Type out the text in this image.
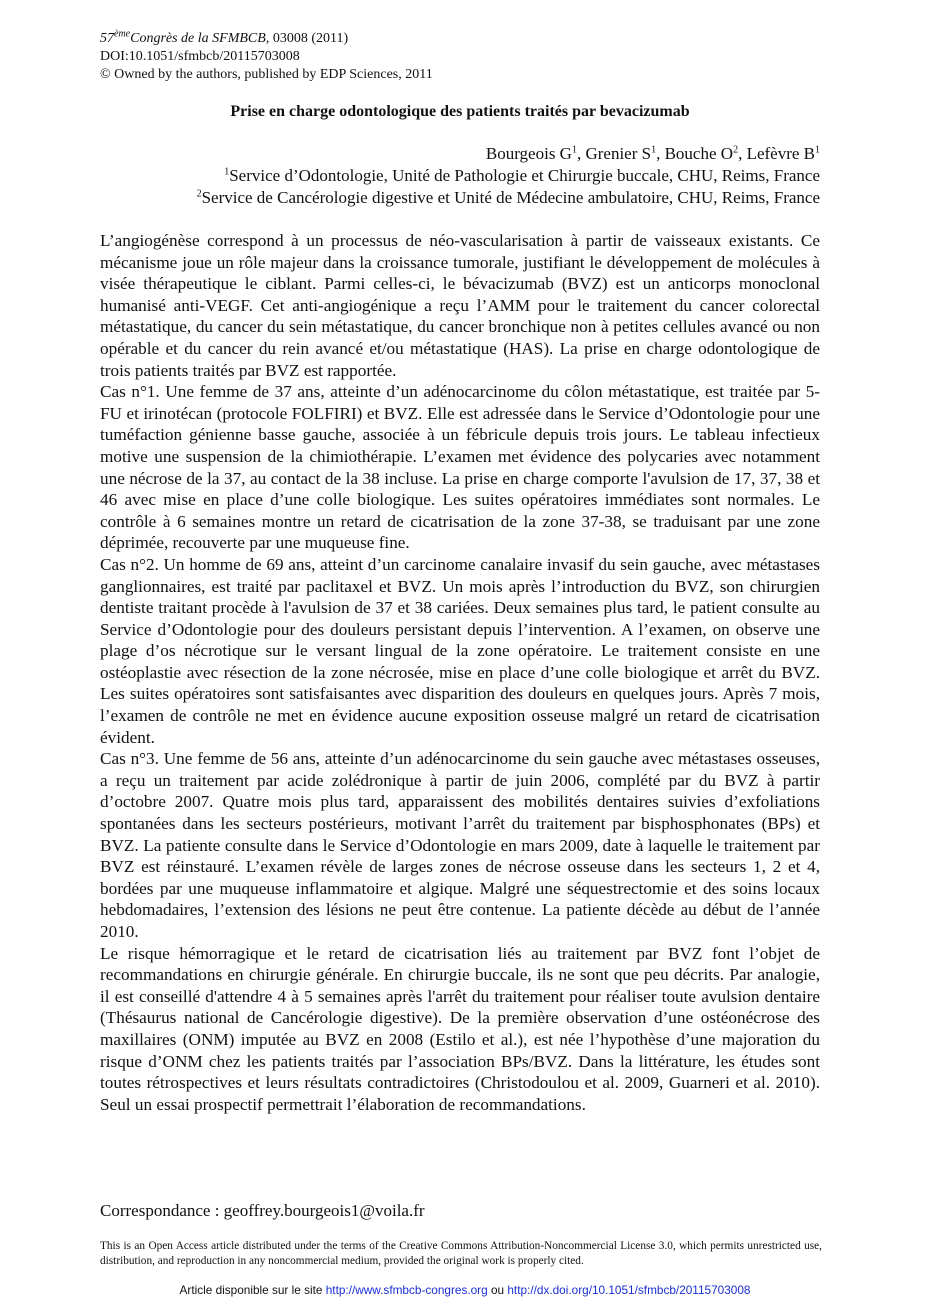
57èmeCongrès de la SFMBCB, 03008 (2011)
DOI:10.1051/sfmbcb/20115703008
© Owned by the authors, published by EDP Sciences, 2011
Prise en charge odontologique des patients traités par bevacizumab
Bourgeois $G^1$, Grenier $S^1$, Bouche $O^2$, Lefèvre $B^1$
$^1$Service d’Odontologie, Unité de Pathologie et Chirurgie buccale, CHU, Reims, France
$^2$Service de Cancérologie digestive et Unité de Médecine ambulatoire, CHU, Reims, France

L’angiogénèse correspond à un processus de néo-vascularisation à partir de vaisseaux existants. Ce mécanisme joue un rôle majeur dans la croissance tumorale, justifiant le développement de molécules à visée thérapeutique le ciblant. Parmi celles-ci, le bévacizumab (BVZ) est un anticorps monoclonal humanisé anti-VEGF. Cet anti-angiogénique a reçu l’AMM pour le traitement du cancer colorectal métastatique, du cancer du sein métastatique, du cancer bronchique non à petites cellules avancé ou non opérable et du cancer du rein avancé et/ou métastatique (HAS). La prise en charge odontologique de trois patients traités par BVZ est rapportée.

Cas n°1. Une femme de 37 ans, atteinte d’un adénocarcinome du côlon métastatique, est traitée par 5-FU et irinotécan (protocole FOLFIRI) et BVZ. Elle est adressée dans le Service d’Odontologie pour une tuméfaction génienne basse gauche, associée à un fébricule depuis trois jours. Le tableau infectieux motive une suspension de la chimiothérapie. L’examen met évidence des polycaries avec notamment une nécrose de la 37, au contact de la 38 incluse. La prise en charge comporte l'avulsion de 17, 37, 38 et 46 avec mise en place d’une colle biologique. Les suites opératoires immédiates sont normales. Le contrôle à 6 semaines montre un retard de cicatrisation de la zone 37-38, se traduisant par une zone déprimée, recouverte par une muqueuse fine.

Cas n°2. Un homme de 69 ans, atteint d’un carcinome canalaire invasif du sein gauche, avec métastases ganglionnaires, est traité par paclitaxel et BVZ. Un mois après l’introduction du BVZ, son chirurgien dentiste traitant procède à l'avulsion de 37 et 38 cariées. Deux semaines plus tard, le patient consulte au Service d’Odontologie pour des douleurs persistant depuis l’intervention. A l’examen, on observe une plage d’os nécrotique sur le versant lingual de la zone opératoire. Le traitement consiste en une ostéoplastie avec résection de la zone nécrosée, mise en place d’une colle biologique et arrêt du BVZ. Les suites opératoires sont satisfaisantes avec disparition des douleurs en quelques jours. Après 7 mois, l’examen de contrôle ne met en évidence aucune exposition osseuse malgré un retard de cicatrisation évident.

Cas n°3. Une femme de 56 ans, atteinte d’un adénocarcinome du sein gauche avec métastases osseuses, a reçu un traitement par acide zolédronique à partir de juin 2006, complété par du BVZ à partir d’octobre 2007. Quatre mois plus tard, apparaissent des mobilités dentaires suivies d’exfoliations spontanées dans les secteurs postérieurs, motivant l’arrêt du traitement par bisphosphonates (BPs) et BVZ. La patiente consulte dans le Service d’Odontologie en mars 2009, date à laquelle le traitement par BVZ est réinstauré. L’examen révèle de larges zones de nécrose osseuse dans les secteurs 1, 2 et 4, bordées par une muqueuse inflammatoire et algique. Malgré une séquestrectomie et des soins locaux hebdomadaires, l’extension des lésions ne peut être contenue. La patiente décède au début de l’année 2010.

Le risque hémorragique et le retard de cicatrisation liés au traitement par BVZ font l’objet de recommandations en chirurgie générale. En chirurgie buccale, ils ne sont que peu décrits. Par analogie, il est conseillé d'attendre 4 à 5 semaines après l'arrêt du traitement pour réaliser toute avulsion dentaire (Thésaurus national de Cancérologie digestive). De la première observation d’une ostéonécrose des maxillaires (ONM) imputée au BVZ en 2008 (Estilo et al.), est née l’hypothèse d’une majoration du risque d’ONM chez les patients traités par l’association BPs/BVZ. Dans la littérature, les études sont toutes rétrospectives et leurs résultats contradictoires (Christodoulou et al. 2009, Guarneri et al. 2010). Seul un essai prospectif permettrait l’élaboration de recommandations.

Correspondance : geoffrey.bourgeois1@voila.fr
This is an Open Access article distributed under the terms of the Creative Commons Attribution-Noncommercial License 3.0, which permits unrestricted use, distribution, and reproduction in any noncommercial medium, provided the original work is properly cited.
Article disponible sur le site http://www.sfmbcb-congres.org ou http://dx.doi.org/10.1051/sfmbcb/20115703008
